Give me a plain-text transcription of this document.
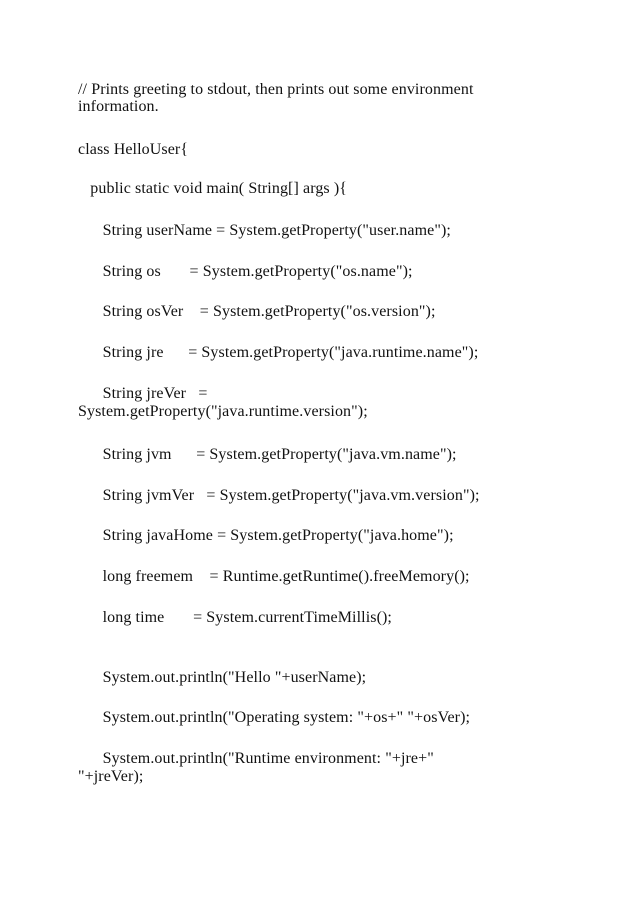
// Prints greeting to stdout, then prints out some environment

information.

class HelloUser{

public static void main( String[] args ){

String userName = System.getProperty("user.name");

String os       = System.getProperty("os.name");

String osVer    = System.getProperty("os.version");

String jre      = System.getProperty("java.runtime.name");

String jreVer   =

System.getProperty("java.runtime.version");

String jvm      = System.getProperty("java.vm.name");

String jvmVer   = System.getProperty("java.vm.version");

String javaHome = System.getProperty("java.home");

long freemem    = Runtime.getRuntime().freeMemory();

long time       = System.currentTimeMillis();

System.out.println("Hello "+userName);

System.out.println("Operating system: "+os+" "+osVer);

System.out.println("Runtime environment: "+jre+"

"+jreVer);
